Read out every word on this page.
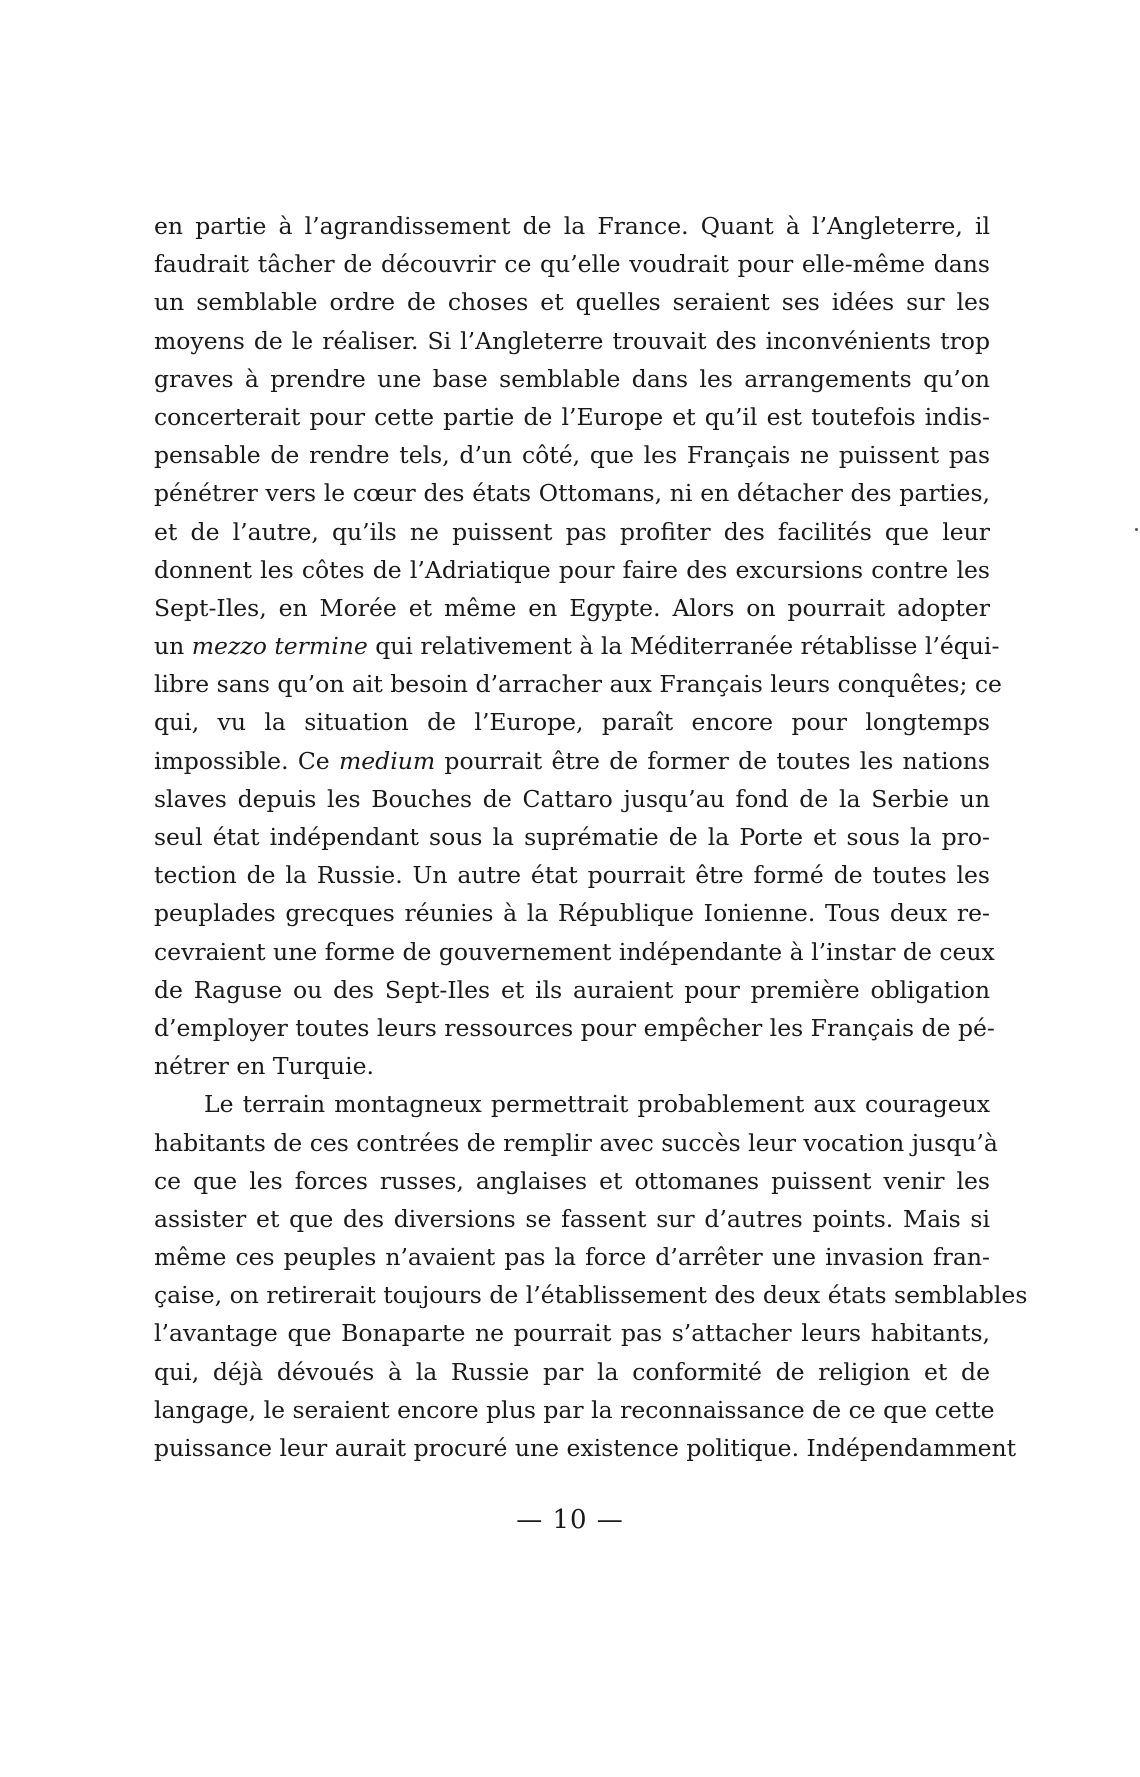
en partie à l’agrandissement de la France. Quant à l’Angleterre, il
faudrait tâcher de découvrir ce qu’elle voudrait pour elle-même dans
un semblable ordre de choses et quelles seraient ses idées sur les
moyens de le réaliser. Si l’Angleterre trouvait des inconvénients trop
graves à prendre une base semblable dans les arrangements qu’on
concerterait pour cette partie de l’Europe et qu’il est toutefois indis-
pensable de rendre tels, d’un côté, que les Français ne puissent pas
pénétrer vers le cœur des états Ottomans, ni en détacher des parties,
et de l’autre, qu’ils ne puissent pas profiter des facilités que leur
donnent les côtes de l’Adriatique pour faire des excursions contre les
Sept-Iles, en Morée et même en Egypte. Alors on pourrait adopter
un mezzo termine qui relativement à la Méditerranée rétablisse l’équi-
libre sans qu’on ait besoin d’arracher aux Français leurs conquêtes; ce
qui, vu la situation de l’Europe, paraît encore pour longtemps
impossible. Ce medium pourrait être de former de toutes les nations
slaves depuis les Bouches de Cattaro jusqu’au fond de la Serbie un
seul état indépendant sous la suprématie de la Porte et sous la pro-
tection de la Russie. Un autre état pourrait être formé de toutes les
peuplades grecques réunies à la République Ionienne. Tous deux re-
cevraient une forme de gouvernement indépendante à l’instar de ceux
de Raguse ou des Sept-Iles et ils auraient pour première obligation
d’employer toutes leurs ressources pour empêcher les Français de pé-
nétrer en Turquie.
Le terrain montagneux permettrait probablement aux courageux
habitants de ces contrées de remplir avec succès leur vocation jusqu’à
ce que les forces russes, anglaises et ottomanes puissent venir les
assister et que des diversions se fassent sur d’autres points. Mais si
même ces peuples n’avaient pas la force d’arrêter une invasion fran-
çaise, on retirerait toujours de l’établissement des deux états semblables
l’avantage que Bonaparte ne pourrait pas s’attacher leurs habitants,
qui, déjà dévoués à la Russie par la conformité de religion et de
langage, le seraient encore plus par la reconnaissance de ce que cette
puissance leur aurait procuré une existence politique. Indépendamment
— 10 —
